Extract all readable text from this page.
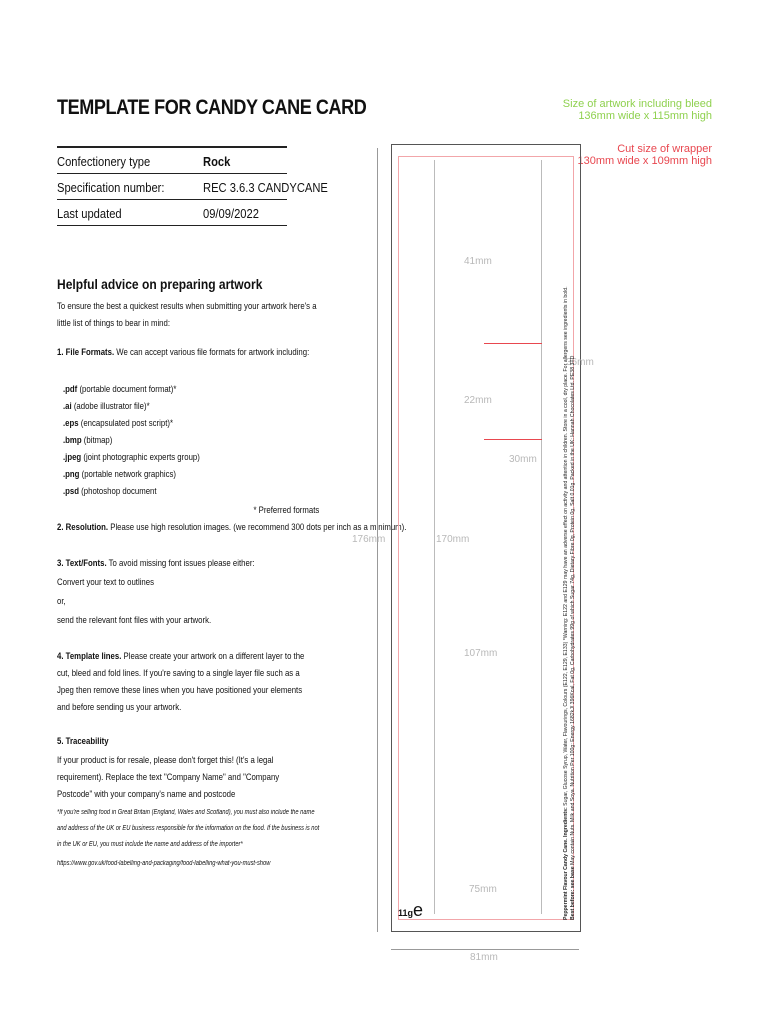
TEMPLATE FOR CANDY CANE CARD
Confectionery type	Rock
Specification number:	REC 3.6.3 CANDYCANE
Last updated	09/09/2022
Size of artwork including bleed
136mm wide x 115mm high
Cut size of wrapper
130mm wide x 109mm high
Helpful advice on preparing artwork

To ensure the best a quickest results when submitting your artwork here's a little list of things to bear in mind:

1. File Formats. We can accept various file formats for artwork including:

.pdf (portable document format)*
.ai (adobe illustrator file)*
.eps (encapsulated post script)*
.bmp (bitmap)
.jpeg (joint photographic experts group)
.png (portable network graphics)
.psd (photoshop document
* Preferred formats

2. Resolution. Please use high resolution images. (we recommend 300 dots per inch as a minimum).

3. Text/Fonts. To avoid missing font issues please either:

Convert your text to outlines

or,

send the relevant font files with your artwork.

4. Template lines. Please create your artwork on a different layer to the cut, bleed and fold lines. If you're saving to a single layer file such as a Jpeg then remove these lines when you have positioned your elements and before sending us your artwork.

5. Traceability

If your product is for resale, please don't forget this! (It's a legal requirement). Replace the text "Company Name" and "Company Postcode" with your company's name and postcode

*If you're selling food in Great Britain (England, Wales and Scotland), you must also include the name and address of the UK or EU business responsible for the information on the food. If the business is not in the UK or EU, you must include the name and address of the importer*

https://www.gov.uk/food-labelling-and-packaging/food-labelling-what-you-must-show

41mm
36mm
22mm
30mm
176mm	170mm
107mm
75mm
81mm
11ge	Peppermint Flavour Candy Cane. Ingredients: Sugar, Glucose Syrup, Water, Flavourings, Colours (E122, E129, E133) *Warning: E122 and E129 may have an adverse effect on activity and attention in children. Store in a cool, dry place. For allergens see ingredients in bold.
Best before: see base May contain Nuts. Milk and Soya. Nutrition Per 100g: Energy 1682kJ/ 396Kcal, Fat 0g, Carbohydrates 99g of which Sugar 74g, Dietary Fibre 0g, Protein 0g, Salt 0.01g. Packed in the UK: Hannah Chocolates Ltd. PE38 3TD
